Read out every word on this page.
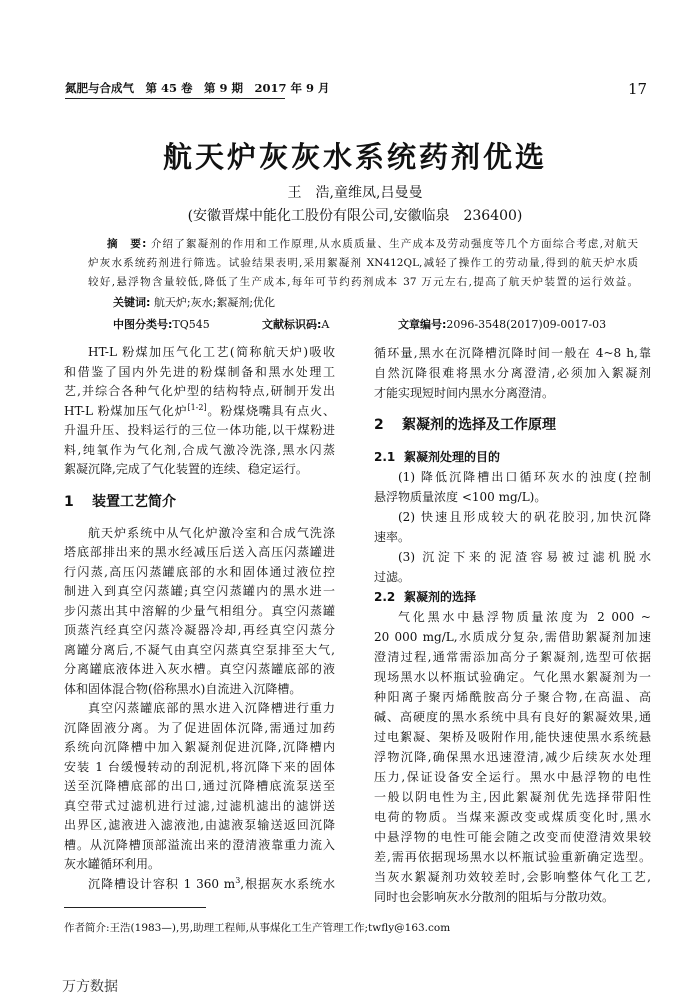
氮肥与合成气　第 45 卷　第 9 期　2017 年 9 月	17
航天炉灰灰水系统药剂优选
王　浩,童维凤,吕曼曼
(安徽晋煤中能化工股份有限公司,安徽临泉　236400)
摘　要: 介绍了絮凝剂的作用和工作原理,从水质质量、生产成本及劳动强度等几个方面综合考虑,对航天
炉灰水系统药剂进行筛选。试验结果表明,采用絮凝剂 XN412QL,减轻了操作工的劳动量,得到的航天炉水质
较好,悬浮物含量较低,降低了生产成本,每年可节约药剂成本 37 万元左右,提高了航天炉装置的运行效益。
关键词: 航天炉;灰水;絮凝剂;优化
中图分类号:TQ545	文献标识码:A	文章编号:2096-3548(2017)09-0017-03
HT-L 粉煤加压气化工艺(简称航天炉)吸收
和借鉴了国内外先进的粉煤制备和黑水处理工
艺,并综合各种气化炉型的结构特点,研制开发出
HT-L 粉煤加压气化炉[1-2]。粉煤烧嘴具有点火、
升温升压、投料运行的三位一体功能,以干煤粉进
料,纯氧作为气化剂,合成气激冷洗涤,黑水闪蒸
絮凝沉降,完成了气化装置的连续、稳定运行。
1 装置工艺简介
航天炉系统中从气化炉激冷室和合成气洗涤
塔底部排出来的黑水经减压后送入高压闪蒸罐进
行闪蒸,高压闪蒸罐底部的水和固体通过液位控
制进入到真空闪蒸罐;真空闪蒸罐内的黑水进一
步闪蒸出其中溶解的少量气相组分。真空闪蒸罐
顶蒸汽经真空闪蒸冷凝器冷却,再经真空闪蒸分
离罐分离后,不凝气由真空闪蒸真空泵排至大气,
分离罐底液体进入灰水槽。真空闪蒸罐底部的液
体和固体混合物(俗称黑水)自流进入沉降槽。
真空闪蒸罐底部的黑水进入沉降槽进行重力
沉降固液分离。为了促进固体沉降,需通过加药
系统向沉降槽中加入絮凝剂促进沉降,沉降槽内
安装 1 台缓慢转动的刮泥机,将沉降下来的固体
送至沉降槽底部的出口,通过沉降槽底流泵送至
真空带式过滤机进行过滤,过滤机滤出的滤饼送
出界区,滤液进入滤液池,由滤液泵输送返回沉降
槽。从沉降槽顶部溢流出来的澄清液靠重力流入
灰水罐循环利用。
沉降槽设计容积 1 360 $m^3$,根据灰水系统水
循环量,黑水在沉降槽沉降时间一般在 4~8 h,靠
自然沉降很难将黑水分离澄清,必须加入絮凝剂
才能实现短时间内黑水分离澄清。
2 絮凝剂的选择及工作原理
2.1 絮凝剂处理的目的
(1) 降低沉降槽出口循环灰水的浊度(控制
悬浮物质量浓度 <100 mg/L)。
(2) 快速且形成较大的矾花胶羽,加快沉降
速率。
(3) 沉淀下来的泥渣容易被过滤机脱水
过滤。
2.2 絮凝剂的选择
气化黑水中悬浮物质量浓度为 2 000 ~
20 000 mg/L,水质成分复杂,需借助絮凝剂加速
澄清过程,通常需添加高分子絮凝剂,选型可依据
现场黑水以杯瓶试验确定。气化黑水絮凝剂为一
种阳离子聚丙烯酰胺高分子聚合物,在高温、高
碱、高硬度的黑水系统中具有良好的絮凝效果,通
过电絮凝、架桥及吸附作用,能快速使黑水系统悬
浮物沉降,确保黑水迅速澄清,减少后续灰水处理
压力,保证设备安全运行。黑水中悬浮物的电性
一般以阴电性为主,因此絮凝剂优先选择带阳性
电荷的物质。当煤来源改变或煤质变化时,黑水
中悬浮物的电性可能会随之改变而使澄清效果较
差,需再依据现场黑水以杯瓶试验重新确定选型。
当灰水絮凝剂功效较差时,会影响整体气化工艺,
同时也会影响灰水分散剂的阻垢与分散功效。
作者简介:王浩(1983—),男,助理工程师,从事煤化工生产管理工作;twfly@163.com
万方数据
